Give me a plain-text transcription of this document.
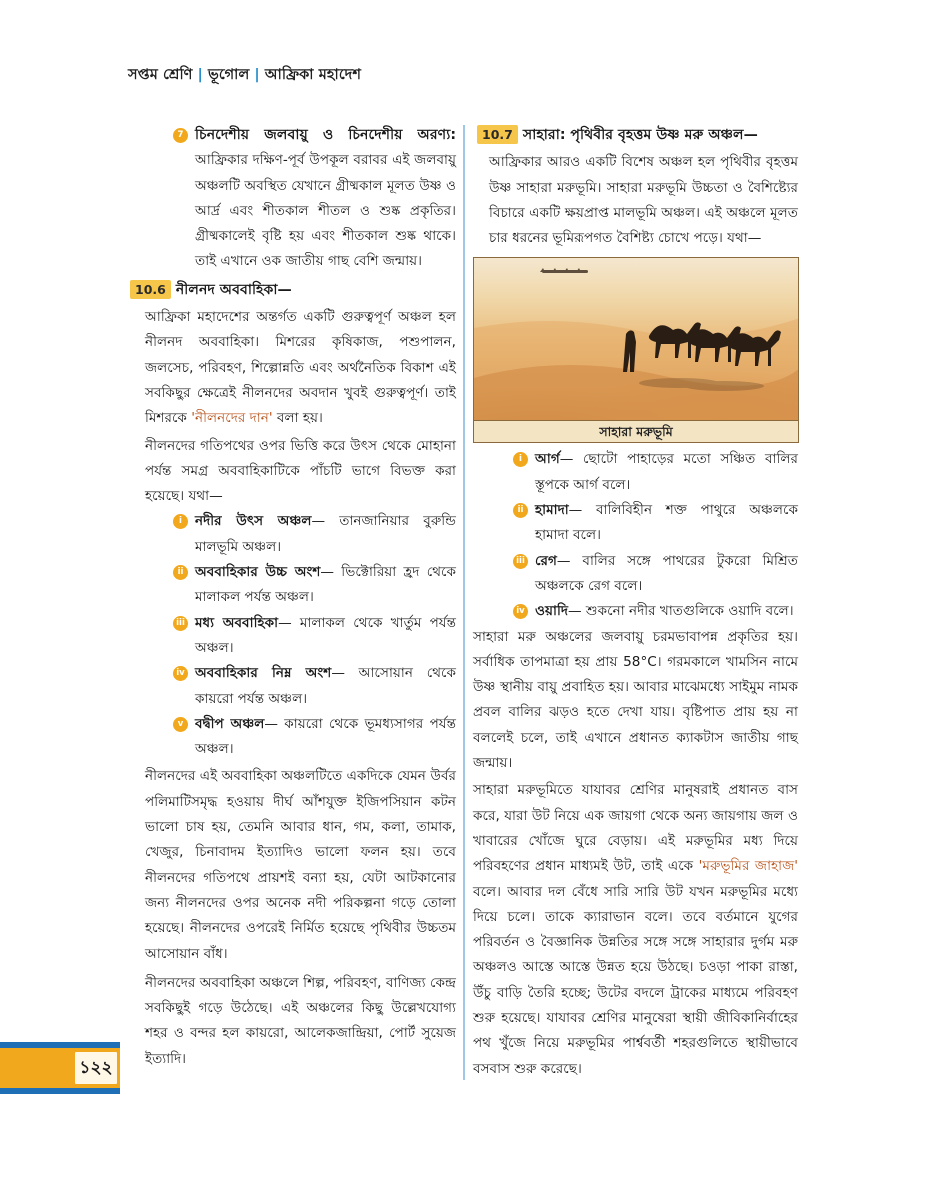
সপ্তম শ্রেণি | ভূগোল | আফ্রিকা মহাদেশ
7 চিনদেশীয় জলবায়ু ও চিনদেশীয় অরণ্য: আফ্রিকার দক্ষিণ-পূর্ব উপকূল বরাবর এই জলবায়ু অঞ্চলটি অবস্থিত যেখানে গ্রীষ্মকাল মূলত উষ্ণ ও আর্দ্র এবং শীতকাল শীতল ও শুষ্ক প্রকৃতির। গ্রীষ্মকালেই বৃষ্টি হয় এবং শীতকাল শুষ্ক থাকে। তাই এখানে ওক জাতীয় গাছ বেশি জন্মায়।

10.6 নীলনদ অববাহিকা—

আফ্রিকা মহাদেশের অন্তর্গত একটি গুরুত্বপূর্ণ অঞ্চল হল নীলনদ অববাহিকা। মিশরের কৃষিকাজ, পশুপালন, জলসেচ, পরিবহণ, শিল্পোন্নতি এবং অর্থনৈতিক বিকাশ এই সবকিছুর ক্ষেত্রেই নীলনদের অবদান খুবই গুরুত্বপূর্ণ। তাই মিশরকে 'নীলনদের দান' বলা হয়।

নীলনদের গতিপথের ওপর ভিত্তি করে উৎস থেকে মোহানা পর্যন্ত সমগ্র অববাহিকাটিকে পাঁচটি ভাগে বিভক্ত করা হয়েছে। যথা—

i নদীর উৎস অঞ্চল— তানজানিয়ার বুরুন্ডি মালভূমি অঞ্চল।

ii অববাহিকার উচ্চ অংশ— ভিক্টোরিয়া হ্রদ থেকে মালাকল পর্যন্ত অঞ্চল।

iii মধ্য অববাহিকা— মালাকল থেকে খার্তুম পর্যন্ত অঞ্চল।

iv অববাহিকার নিম্ন অংশ— আসোয়ান থেকে কায়রো পর্যন্ত অঞ্চল।

v বদ্বীপ অঞ্চল— কায়রো থেকে ভূমধ্যসাগর পর্যন্ত অঞ্চল।

নীলনদের এই অববাহিকা অঞ্চলটিতে একদিকে যেমন উর্বর পলিমাটিসমৃদ্ধ হওয়ায় দীর্ঘ আঁশযুক্ত ইজিপসিয়ান কটন ভালো চাষ হয়, তেমনি আবার ধান, গম, কলা, তামাক, খেজুর, চিনাবাদম ইত্যাদিও ভালো ফলন হয়। তবে নীলনদের গতিপথে প্রায়শই বন্যা হয়, যেটা আটকানোর জন্য নীলনদের ওপর অনেক নদী পরিকল্পনা গড়ে তোলা হয়েছে। নীলনদের ওপরেই নির্মিত হয়েছে পৃথিবীর উচ্চতম আসোয়ান বাঁধ।

নীলনদের অববাহিকা অঞ্চলে শিল্প, পরিবহণ, বাণিজ্য কেন্দ্র সবকিছুই গড়ে উঠেছে। এই অঞ্চলের কিছু উল্লেখযোগ্য শহর ও বন্দর হল কায়রো, আলেকজান্দ্রিয়া, পোর্ট সুয়েজ ইত্যাদি।

10.7 সাহারা: পৃথিবীর বৃহত্তম উষ্ণ মরু অঞ্চল—

আফ্রিকার আরও একটি বিশেষ অঞ্চল হল পৃথিবীর বৃহত্তম উষ্ণ সাহারা মরুভূমি। সাহারা মরুভূমি উচ্চতা ও বৈশিষ্ট্যের বিচারে একটি ক্ষয়প্রাপ্ত মালভূমি অঞ্চল। এই অঞ্চলে মূলত চার ধরনের ভূমিরূপগত বৈশিষ্ট্য চোখে পড়ে। যথা—

সাহারা মরুভূমি
i আর্গ— ছোটো পাহাড়ের মতো সঞ্চিত বালির স্তূপকে আর্গ বলে।

ii হামাদা— বালিবিহীন শক্ত পাথুরে অঞ্চলকে হামাদা বলে।

iii রেগ— বালির সঙ্গে পাথরের টুকরো মিশ্রিত অঞ্চলকে রেগ বলে।

iv ওয়াদি— শুকনো নদীর খাতগুলিকে ওয়াদি বলে।

সাহারা মরু অঞ্চলের জলবায়ু চরমভাবাপন্ন প্রকৃতির হয়। সর্বাধিক তাপমাত্রা হয় প্রায় 58°C। গরমকালে খামসিন নামে উষ্ণ স্থানীয় বায়ু প্রবাহিত হয়। আবার মাঝেমধ্যে সাইমুম নামক প্রবল বালির ঝড়ও হতে দেখা যায়। বৃষ্টিপাত প্রায় হয় না বললেই চলে, তাই এখানে প্রধানত ক্যাকটাস জাতীয় গাছ জন্মায়।

সাহারা মরুভূমিতে যাযাবর শ্রেণির মানুষরাই প্রধানত বাস করে, যারা উট নিয়ে এক জায়গা থেকে অন্য জায়গায় জল ও খাবারের খোঁজে ঘুরে বেড়ায়। এই মরুভূমির মধ্য দিয়ে পরিবহণের প্রধান মাধ্যমই উট, তাই একে 'মরুভূমির জাহাজ' বলে। আবার দল বেঁধে সারি সারি উট যখন মরুভূমির মধ্যে দিয়ে চলে। তাকে ক্যারাভান বলে। তবে বর্তমানে যুগের পরিবর্তন ও বৈজ্ঞানিক উন্নতির সঙ্গে সঙ্গে সাহারার দুর্গম মরু অঞ্চলও আস্তে আস্তে উন্নত হয়ে উঠছে। চওড়া পাকা রাস্তা, উঁচু বাড়ি তৈরি হচ্ছে; উটের বদলে ট্রাকের মাধ্যমে পরিবহণ শুরু হয়েছে। যাযাবর শ্রেণির মানুষেরা স্থায়ী জীবিকানির্বাহের পথ খুঁজে নিয়ে মরুভূমির পার্শ্ববর্তী শহরগুলিতে স্থায়ীভাবে বসবাস শুরু করেছে।

১২২
